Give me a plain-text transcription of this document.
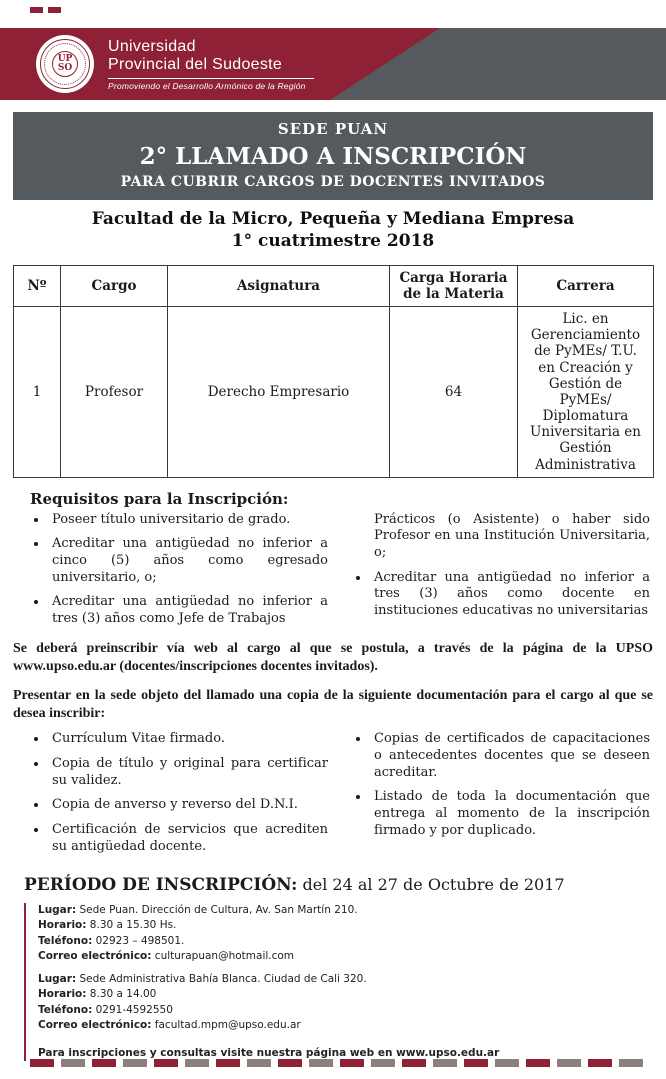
UP
SO
Universidad
Provincial del Sudoeste
Promoviendo el Desarrollo Armónico de la Región
SEDE PUAN
2° LLAMADO A INSCRIPCIÓN
PARA CUBRIR CARGOS DE DOCENTES INVITADOS
Facultad de la Micro, Pequeña y Mediana Empresa
1° cuatrimestre 2018
Nº	Cargo	Asignatura	Carga Horaria de la Materia	Carrera
1	Profesor	Derecho Empresario	64	Lic. en Gerenciamiento de PyMEs/ T.U. en Creación y Gestión de PyMEs/ Diplomatura Universitaria en Gestión Administrativa
Requisitos para la Inscripción:
• Poseer título universitario de grado.
• Acreditar una antigüedad no inferior a cinco (5) años como egresado universitario, o;
• Acreditar una antigüedad no inferior a tres (3) años como Jefe de Trabajos

Prácticos (o Asistente) o haber sido Profesor en una Institución Universitaria, o;

• Acreditar una antigüedad no inferior a tres (3) años como docente en instituciones educativas no universitarias

Se deberá preinscribir vía web al cargo al que se postula, a través de la página de la UPSO www.upso.edu.ar (docentes/inscripciones docentes invitados).

Presentar en la sede objeto del llamado una copia de la siguiente documentación para el cargo al que se desea inscribir:

• Currículum Vitae firmado.
• Copia de título y original para certificar su validez.
• Copia de anverso y reverso del D.N.I.
• Certificación de servicios que acrediten su antigüedad docente.
• Copias de certificados de capacitaciones o antecedentes docentes que se deseen acreditar.
• Listado de toda la documentación que entrega al momento de la inscripción firmado y por duplicado.
PERÍODO DE INSCRIPCIÓN: del 24 al 27 de Octubre de 2017
Lugar: Sede Puan. Dirección de Cultura, Av. San Martín 210.
Horario: 8.30 a 15.30 Hs.
Teléfono: 02923 – 498501.
Correo electrónico: culturapuan@hotmail.com
Lugar: Sede Administrativa Bahía Blanca. Ciudad de Cali 320.
Horario: 8.30 a 14.00
Teléfono: 0291-4592550
Correo electrónico: facultad.mpm@upso.edu.ar
Para inscripciones y consultas visite nuestra página web en www.upso.edu.ar
